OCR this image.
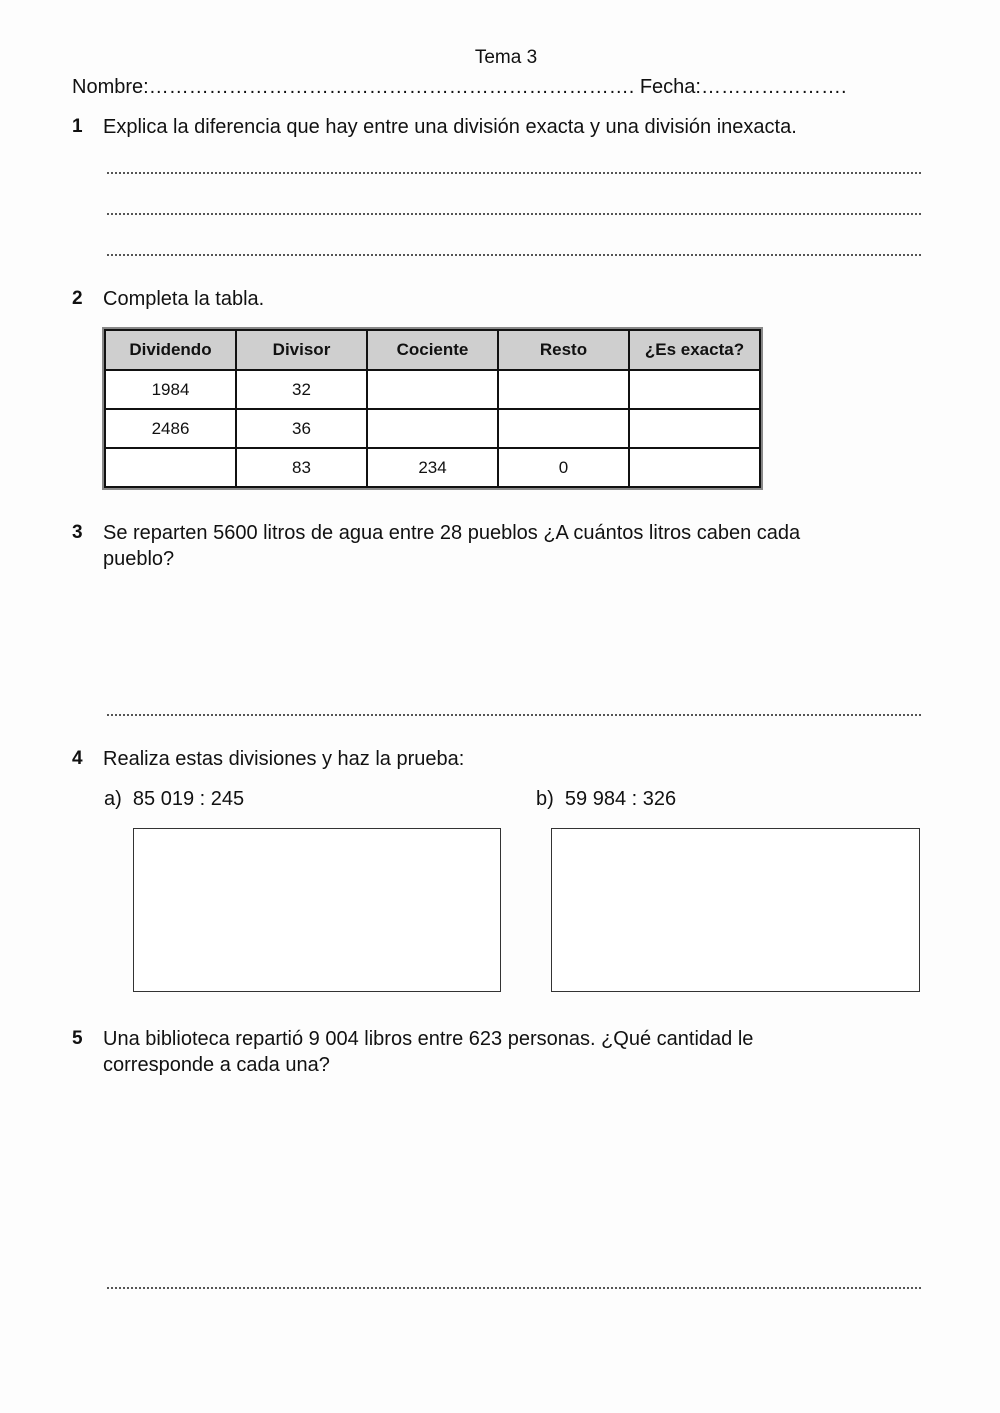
Tema 3
Nombre:………………………………………………………………. Fecha:………………….
1 Explica la diferencia que hay entre una división exacta y una división inexacta.
2 Completa la tabla.
Dividendo	Divisor	Cociente	Resto	¿Es exacta?
1984	32			
2486	36			
	83	234	0	
3 Se reparten 5600 litros de agua entre 28 pueblos ¿A cuántos litros caben cada
pueblo?
4 Realiza estas divisiones y haz la prueba:
a) 85 019 : 245	b) 59 984 : 326
5 Una biblioteca repartió 9 004 libros entre 623 personas. ¿Qué cantidad le
corresponde a cada una?
